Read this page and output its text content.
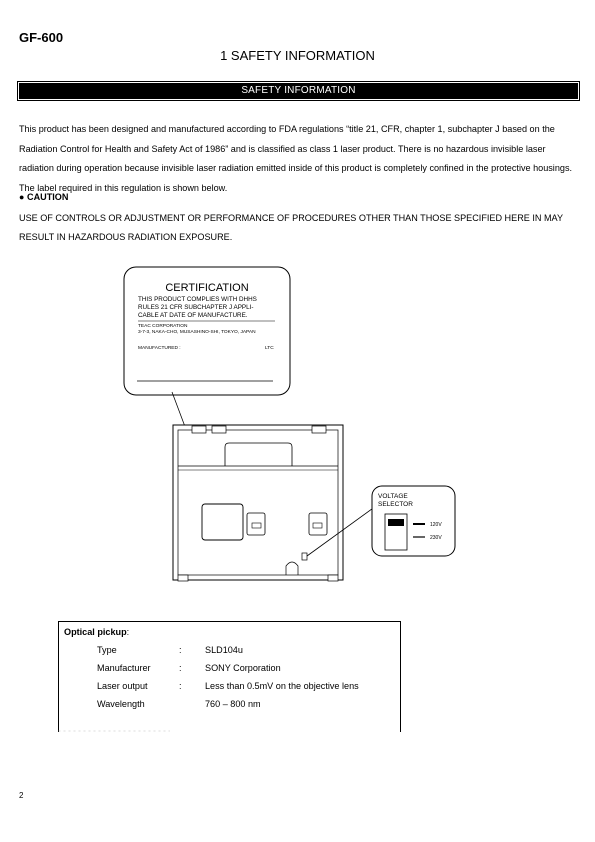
GF-600
1 SAFETY INFORMATION
SAFETY INFORMATION
This product has been designed and manufactured according to FDA regulations “title 21, CFR, chapter 1, subchapter J based on the Radiation Control for Health and Safety Act of 1986” and is classified as class 1 laser product. There is no hazardous invisible laser radiation during operation because invisible laser radiation emitted inside of this product is completely confined in the protective housings. The label required in this regulation is shown below.
● CAUTION
USE OF CONTROLS OR ADJUSTMENT OR PERFORMANCE OF PROCEDURES OTHER THAN THOSE SPECIFIED HERE IN MAY RESULT IN HAZARDOUS RADIATION EXPOSURE.
CERTIFICATION
THIS PRODUCT COMPLIES WITH DHHS
RULES 21 CFR SUBCHAPTER J APPLI-
CABLE AT DATE OF MANUFACTURE.
TEAC CORPORATION
3-7-3, NAKA-CHO, MUSASHINO-SHI, TOKYO, JAPAN
MANUFACTURED :	LTC
VOLTAGE
SELECTOR
120V
230V
Optical pickup:
Type	:	SLD104u
Manufacturer	:	SONY Corporation
Laser output	:	Less than 0.5mV on the objective lens
Wavelength	760 – 800 nm
2
